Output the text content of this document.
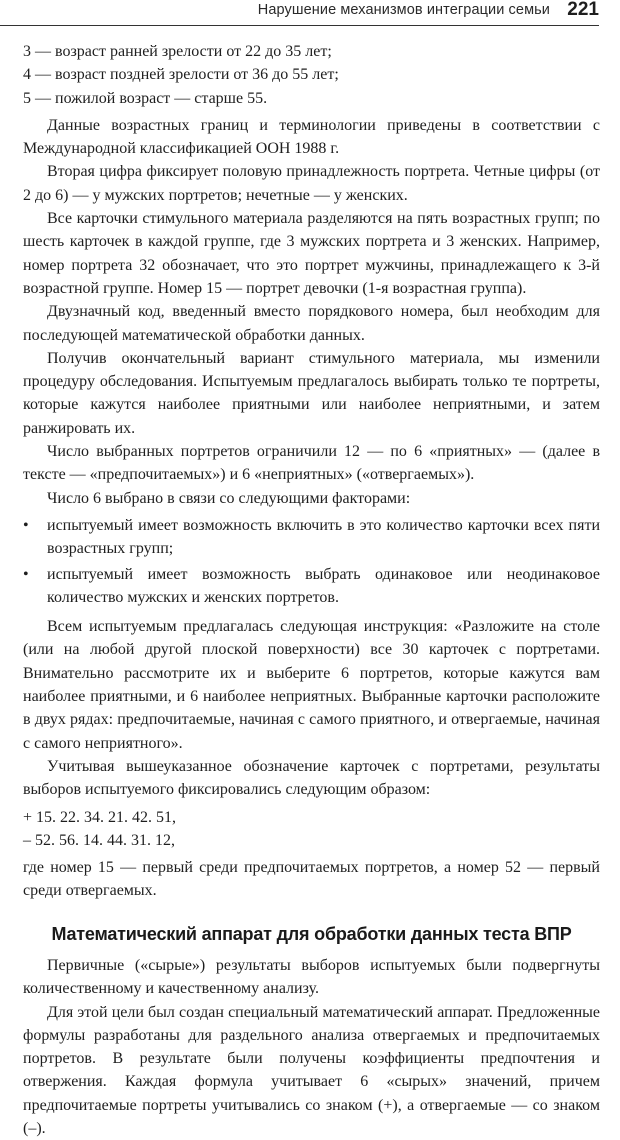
Нарушение механизмов интеграции семьи 221

3 — возраст ранней зрелости от 22 до 35 лет;

4 — возраст поздней зрелости от 36 до 55 лет;

5 — пожилой возраст — старше 55.

Данные возрастных границ и терминологии приведены в соответствии с Международной классификацией ООН 1988 г.

Вторая цифра фиксирует половую принадлежность портрета. Четные цифры (от 2 до 6) — у мужских портретов; нечетные — у женских.

Все карточки стимульного материала разделяются на пять возрастных групп; по шесть карточек в каждой группе, где 3 мужских портрета и 3 женских. Например, номер портрета 32 обозначает, что это портрет мужчины, принадлежащего к 3-й возрастной группе. Номер 15 — портрет девочки (1-я возрастная группа).

Двузначный код, введенный вместо порядкового номера, был необходим для последующей математической обработки данных.

Получив окончательный вариант стимульного материала, мы изменили процедуру обследования. Испытуемым предлагалось выбирать только те портреты, которые кажутся наиболее приятными или наиболее неприятными, и затем ранжировать их.

Число выбранных портретов ограничили 12 — по 6 «приятных» — (далее в тексте — «предпочитаемых») и 6 «неприятных» («отвергаемых»).

Число 6 выбрано в связи со следующими факторами:

• испытуемый имеет возможность включить в это количество карточки всех пяти возрастных групп;
• испытуемый имеет возможность выбрать одинаковое или неодинаковое количество мужских и женских портретов.

Всем испытуемым предлагалась следующая инструкция: «Разложите на столе (или на любой другой плоской поверхности) все 30 карточек с портретами. Внимательно рассмотрите их и выберите 6 портретов, которые кажутся вам наиболее приятными, и 6 наиболее неприятных. Выбранные карточки расположите в двух рядах: предпочитаемые, начиная с самого приятного, и отвергаемые, начиная с самого неприятного».

Учитывая вышеуказанное обозначение карточек с портретами, результаты выборов испытуемого фиксировались следующим образом:

+ 15. 22. 34. 21. 42. 51,

– 52. 56. 14. 44. 31. 12,

где номер 15 — первый среди предпочитаемых портретов, а номер 52 — первый среди отвергаемых.

Математический аппарат для обработки данных теста ВПР

Первичные («сырые») результаты выборов испытуемых были подвергнуты количественному и качественному анализу.

Для этой цели был создан специальный математический аппарат. Предложенные формулы разработаны для раздельного анализа отвергаемых и предпочитаемых портретов. В результате были получены коэффициенты предпочтения и отвержения. Каждая формула учитывает 6 «сырых» значений, причем предпочитаемые портреты учитывались со знаком (+), а отвергаемые — со знаком (–).
